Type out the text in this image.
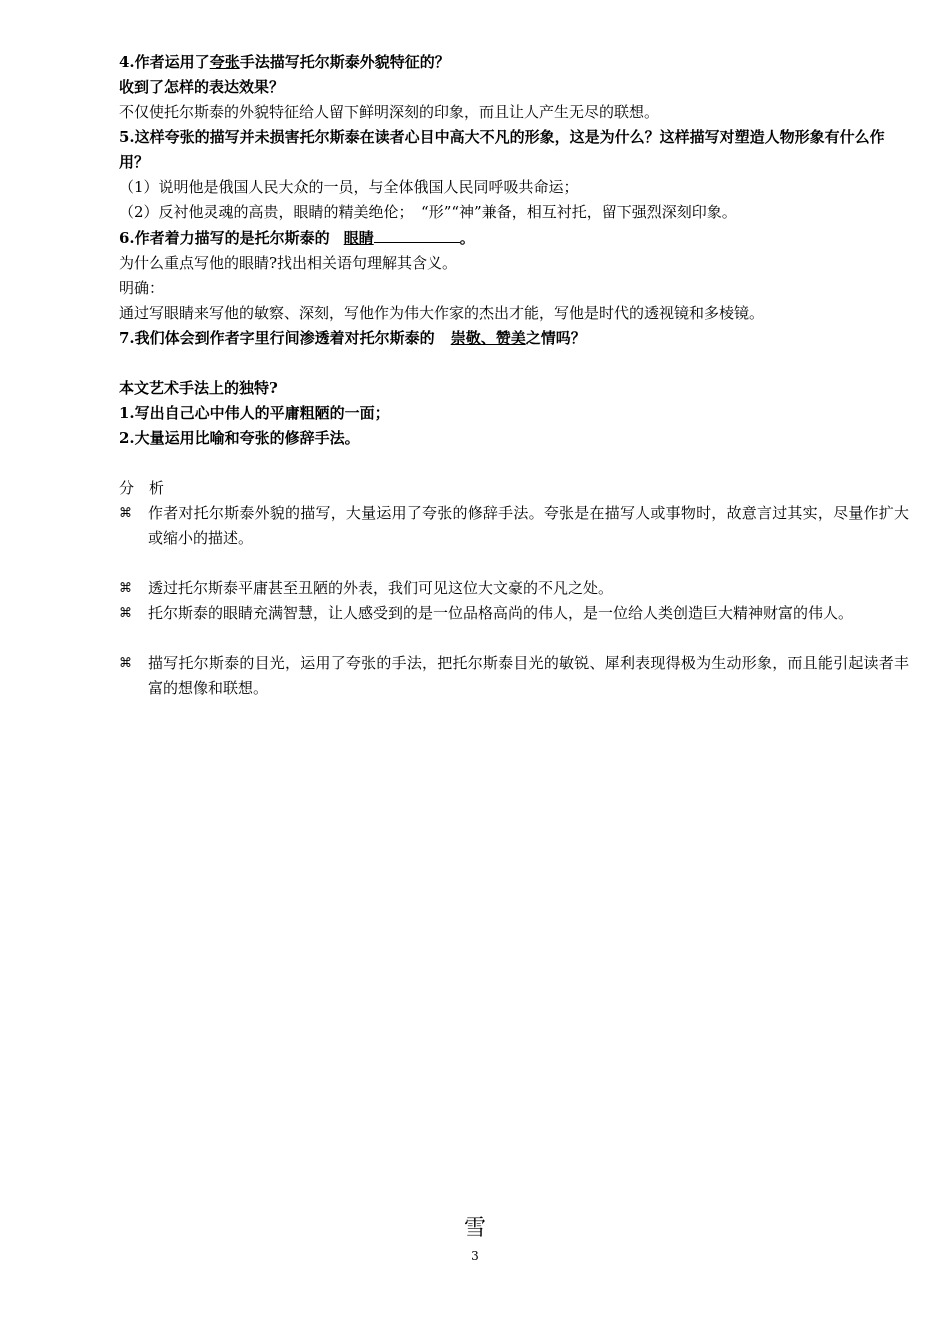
4.作者运用了夸张手法描写托尔斯泰外貌特征的？
收到了怎样的表达效果？
不仅使托尔斯泰的外貌特征给人留下鲜明深刻的印象，而且让人产生无尽的联想。
5.这样夸张的描写并未损害托尔斯泰在读者心目中高大不凡的形象，这是为什么？这样描写对塑造人物形象有什么作用？
（1）说明他是俄国人民大众的一员，与全体俄国人民同呼吸共命运；
（2）反衬他灵魂的高贵，眼睛的精美绝伦；　“形”“神”兼备，相互衬托，留下强烈深刻印象。
6.作者着力描写的是托尔斯泰的 眼睛	。
为什么重点写他的眼睛?找出相关语句理解其含义。
明确：
通过写眼睛来写他的敏察、深刻，写他作为伟大作家的杰出才能，写他是时代的透视镜和多棱镜。
7.我们体会到作者字里行间渗透着对托尔斯泰的 崇敬、赞美之情吗？
本文艺术手法上的独特?
1.写出自己心中伟人的平庸粗陋的一面；
2.大量运用比喻和夸张的修辞手法。
分　析
⌘	作者对托尔斯泰外貌的描写，大量运用了夸张的修辞手法。夸张是在描写人或事物时，故意言过其实，尽量作扩大或缩小的描述。
⌘	透过托尔斯泰平庸甚至丑陋的外表，我们可见这位大文豪的不凡之处。
⌘	托尔斯泰的眼睛充满智慧，让人感受到的是一位品格高尚的伟人，是一位给人类创造巨大精神财富的伟人。
⌘	描写托尔斯泰的目光，运用了夸张的手法，把托尔斯泰目光的敏锐、犀利表现得极为生动形象，而且能引起读者丰富的想像和联想。
雪
3
